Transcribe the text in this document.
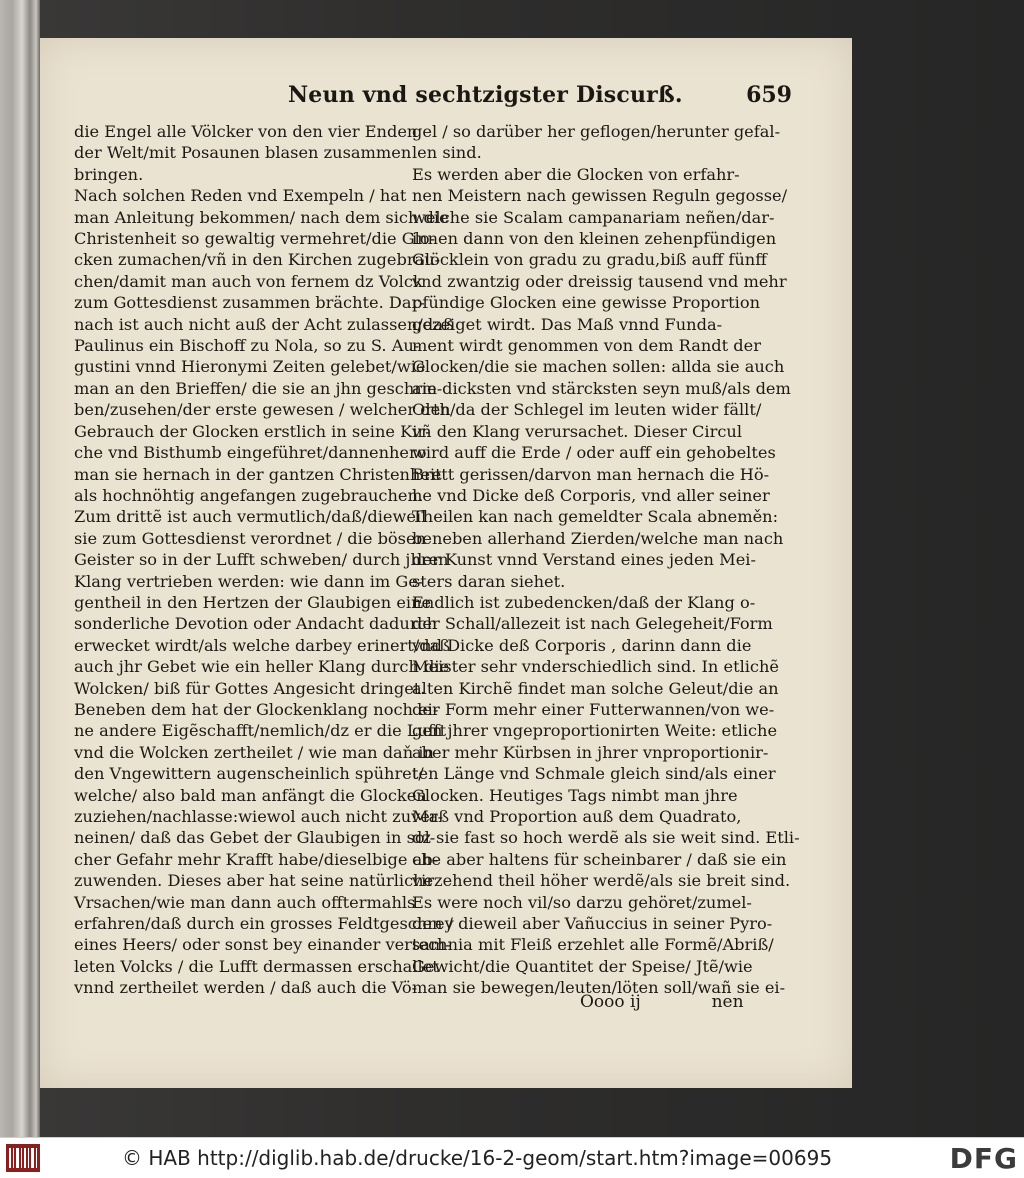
Neun vnd sechtzigster Discurß.	659
die Engel alle Völcker von den vier Enden
der Welt/mit Posaunen blasen zusammen
bringen.
Nach solchen Reden vnd Exempeln / hat
man Anleitung bekommen/ nach dem sich die
Christenheit so gewaltig vermehret/die Glo-
cken zumachen/vñ in den Kirchen zugebrau-
chen/damit man auch von fernem dz Volck
zum Gottesdienst zusammen brächte. Dar-
nach ist auch nicht auß der Acht zulassen/daß
Paulinus ein Bischoff zu Nola, so zu S. Au-
gustini vnnd Hieronymi Zeiten gelebet/wie
man an den Brieffen/ die sie an jhn geschrie-
ben/zusehen/der erste gewesen / welcher den
Gebrauch der Glocken erstlich in seine Kir-
che vnd Bisthumb eingeführet/dannenhero
man sie hernach in der gantzen Christenheit
als hochnöhtig angefangen zugebrauchen.
Zum drittẽ ist auch vermutlich/daß/dieweil
sie zum Gottesdienst verordnet / die bösen
Geister so in der Lufft schweben/ durch jhren
Klang vertrieben werden: wie dann im Ge-
gentheil in den Hertzen der Glaubigen eine
sonderliche Devotion oder Andacht dadurch
erwecket wirdt/als welche darbey erinert/daß
auch jhr Gebet wie ein heller Klang durch die
Wolcken/ biß für Gottes Angesicht dringet.
Beneben dem hat der Glockenklang noch ei-
ne andere Eigẽschafft/nemlich/dz er die Lufft
vnd die Wolcken zertheilet / wie man daň in
den Vngewittern augenscheinlich spühret/
welche/ also bald man anfängt die Glocken
zuziehen/nachlasse:wiewol auch nicht zuver-
neinen/ daß das Gebet der Glaubigen in sol-
cher Gefahr mehr Krafft habe/dieselbige ab-
zuwenden. Dieses aber hat seine natürliche
Vrsachen/wie man dann auch offtermahls
erfahren/daß durch ein grosses Feldtgeschrey
eines Heers/ oder sonst bey einander versam-
leten Volcks / die Lufft dermassen erschallet
vnnd zertheilet werden / daß auch die Vö-
gel / so darüber her geflogen/herunter gefal-
len sind.
Es werden aber die Glocken von erfahr-
nen Meistern nach gewissen Reguln gegosse/
welche sie Scalam campanariam neñen/dar-
innen dann von den kleinen zehenpfündigen
Glöcklein von gradu zu gradu,biß auff fünff
vnd zwantzig oder dreissig tausend vnd mehr
pfündige Glocken eine gewisse Proportion
gezeiget wirdt. Das Maß vnnd Funda-
ment wirdt genommen von dem Randt der
Glocken/die sie machen sollen: allda sie auch
am dicksten vnd stärcksten seyn muß/als dem
Orth/da der Schlegel im leuten wider fällt/
vñ den Klang verursachet. Dieser Circul
wird auff die Erde / oder auff ein gehobeltes
Brett gerissen/darvon man hernach die Hö-
he vnd Dicke deß Corporis, vnd aller seiner
Theilen kan nach gemeldter Scala abneměn:
beneben allerhand Zierden/welche man nach
der Kunst vnnd Verstand eines jeden Mei-
sters daran siehet.
Endlich ist zubedencken/daß der Klang o-
der Schall/allezeit ist nach Gelegeheit/Form
vnd Dicke deß Corporis , darinn dann die
Meister sehr vnderschiedlich sind. In etlichẽ
alten Kirchẽ findet man solche Geleut/die an
der Form mehr einer Futterwannen/von we-
gen jhrer vngeproportionirten Weite: etliche
aber mehr Kürbsen in jhrer vnproportionir-
ten Länge vnd Schmale gleich sind/als einer
Glocken. Heutiges Tags nimbt man jhre
Maß vnd Proportion auß dem Quadrato,
dz sie fast so hoch werdẽ als sie weit sind. Etli-
che aber haltens für scheinbarer / daß sie ein
virzehend theil höher werdẽ/als sie breit sind.
Es were noch vil/so darzu gehöret/zumel-
den / dieweil aber Vañuccius in seiner Pyro-
technia mit Fleiß erzehlet alle Formẽ/Abriß/
Gewicht/die Quantitet der Speise/ Jtẽ/wie
man sie bewegen/leuten/löten soll/wañ sie ei-
Oooo ij	nen
© HAB http://diglib.hab.de/drucke/16-2-geom/start.htm?image=00695	DFG
